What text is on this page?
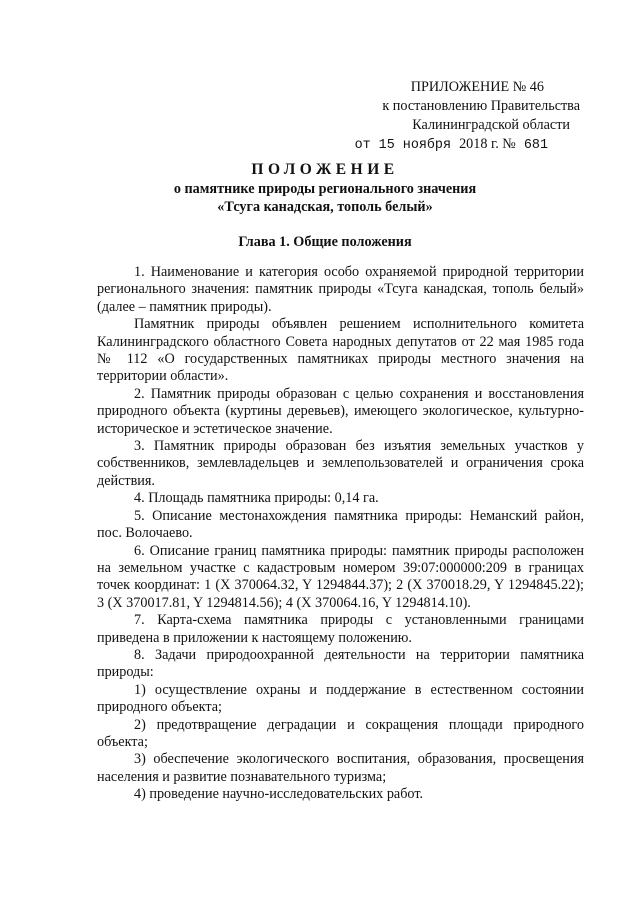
ПРИЛОЖЕНИЕ № 46
к постановлению Правительства
Калининградской области
от 15 ноября 2018 г. № 681
ПОЛОЖЕНИЕ
о памятнике природы регионального значения
«Тсуга канадская, тополь белый»
Глава 1. Общие положения

1. Наименование и категория особо охраняемой природной территории регионального значения: памятник природы «Тсуга канадская, тополь белый» (далее – памятник природы).

Памятник природы объявлен решением исполнительного комитета Калининградского областного Совета народных депутатов от 22 мая 1985 года № 112 «О государственных памятниках природы местного значения на территории области».

2. Памятник природы образован с целью сохранения и восстановления природного объекта (куртины деревьев), имеющего экологическое, культурно-историческое и эстетическое значение.

3. Памятник природы образован без изъятия земельных участков у собственников, землевладельцев и землепользователей и ограничения срока действия.

4. Площадь памятника природы: 0,14 га.

5. Описание местонахождения памятника природы: Неманский район, пос. Волочаево.

6. Описание границ памятника природы: памятник природы расположен на земельном участке с кадастровым номером 39:07:000000:209 в границах точек координат: 1 (X 370064.32, Y 1294844.37); 2 (X 370018.29, Y 1294845.22); 3 (X 370017.81, Y 1294814.56); 4 (X 370064.16, Y 1294814.10).

7. Карта-схема памятника природы с установленными границами приведена в приложении к настоящему положению.

8. Задачи природоохранной деятельности на территории памятника природы:

1) осуществление охраны и поддержание в естественном состоянии природного объекта;

2) предотвращение деградации и сокращения площади природного объекта;

3) обеспечение экологического воспитания, образования, просвещения населения и развитие познавательного туризма;

4) проведение научно-исследовательских работ.
